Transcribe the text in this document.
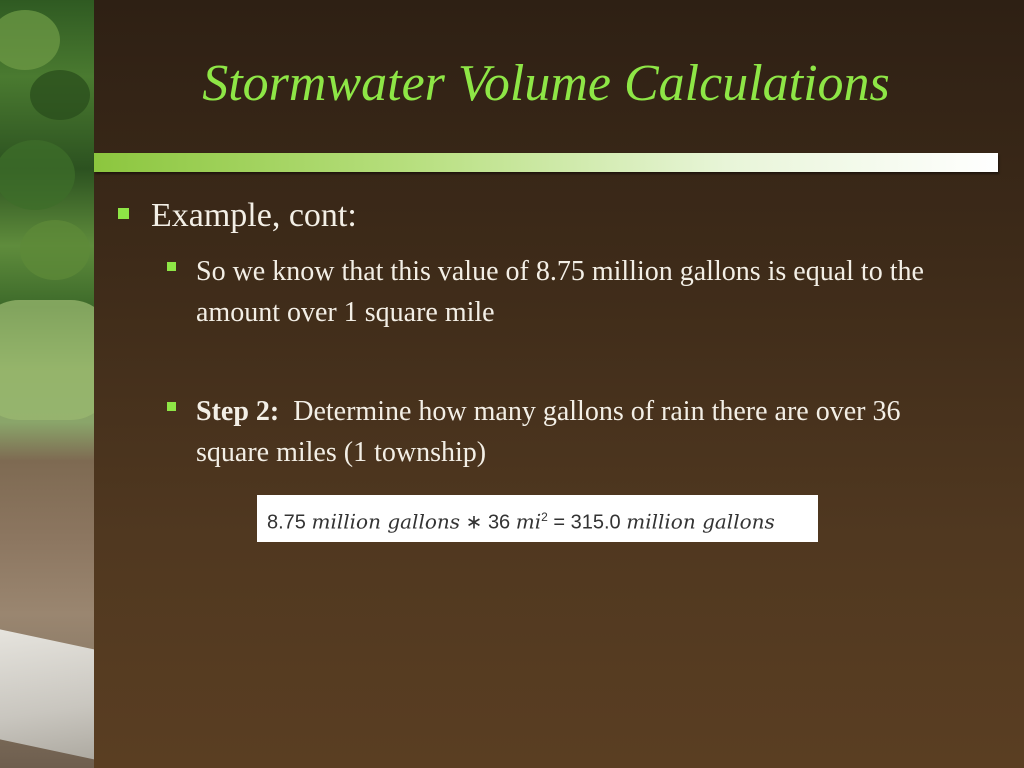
Stormwater Volume Calculations
Example, cont:
So we know that this value of 8.75 million gallons is equal to the amount over 1 square mile
Step 2: Determine how many gallons of rain there are over 36 square miles (1 township)
8.75 million gallons ∗ 36 $mi^2 = 315.0$ million gallons
